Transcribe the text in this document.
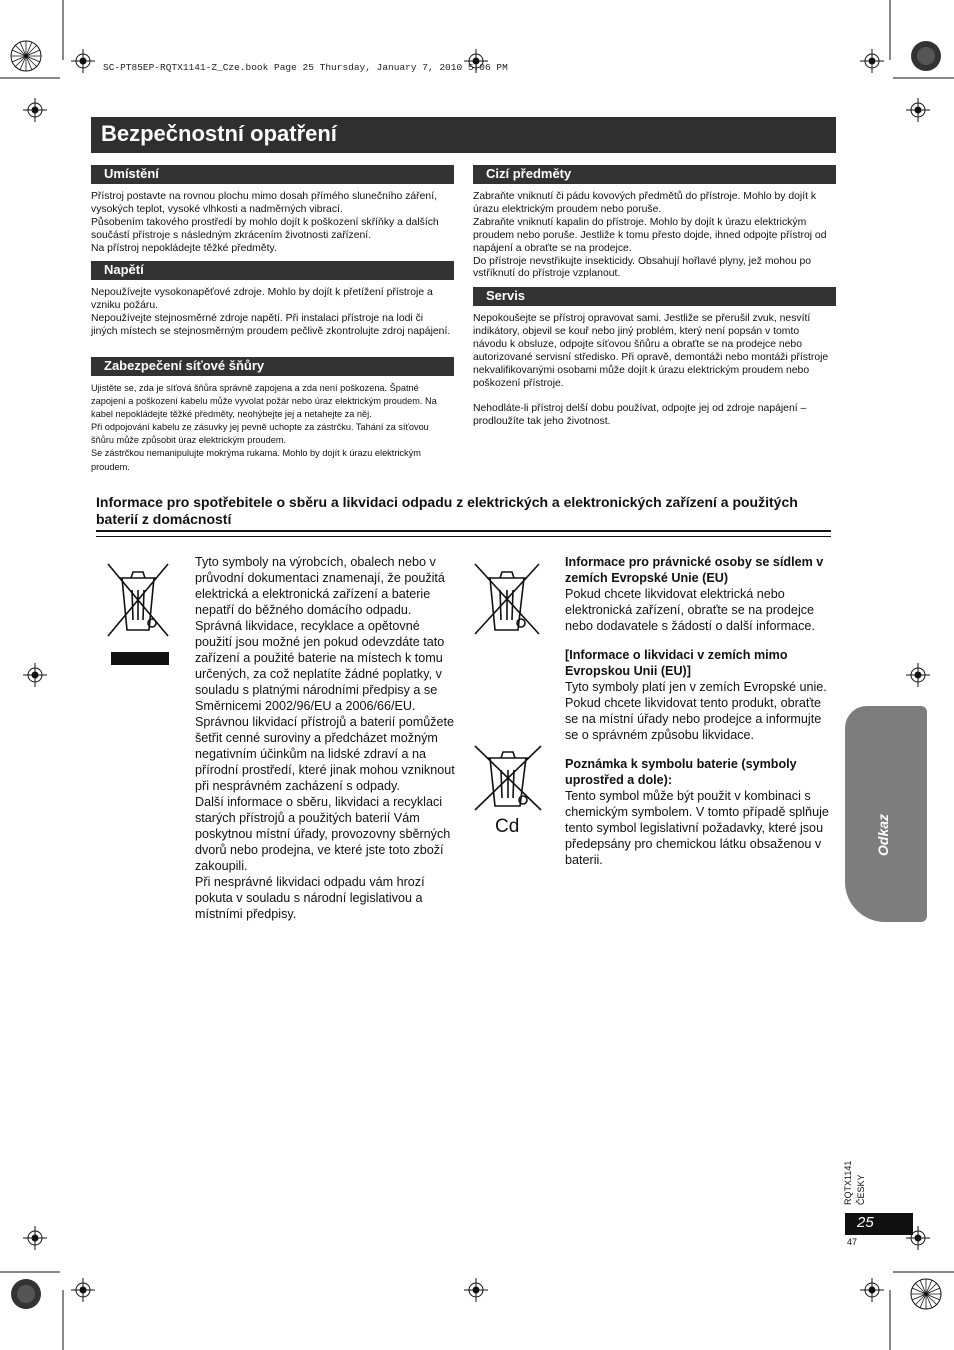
SC-PT85EP-RQTX1141-Z_Cze.book Page 25 Thursday, January 7, 2010 5:06 PM
Bezpečnostní opatření
Umístění

Přístroj postavte na rovnou plochu mimo dosah přímého slunečního záření, vysokých teplot, vysoké vlhkosti a nadměrných vibrací.

Působením takového prostředí by mohlo dojít k poškození skříňky a dalších součástí přístroje s následným zkrácením životnosti zařízení.

Na přístroj nepokládejte těžké předměty.

Napětí

Nepoužívejte vysokonapěťové zdroje. Mohlo by dojít k přetížení přístroje a vzniku požáru.

Nepoužívejte stejnosměrné zdroje napětí. Při instalaci přístroje na lodi či jiných místech se stejnosměrným proudem pečlivě zkontrolujte zdroj napájení.

Zabezpečení síťové šňůry

Ujistěte se, zda je síťová šňůra správně zapojena a zda není poškozena. Špatné zapojení a poškození kabelu může vyvolat požár nebo úraz elektrickým proudem. Na kabel nepokládejte těžké předměty, neohýbejte jej a netahejte za něj.

Při odpojování kabelu ze zásuvky jej pevně uchopte za zástrčku. Tahání za síťovou šňůru může způsobit úraz elektrickým proudem.

Se zástrčkou nemanipulujte mokrýma rukama. Mohlo by dojít k úrazu elektrickým proudem.

Cizí předměty

Zabraňte vniknutí či pádu kovových předmětů do přístroje. Mohlo by dojít k úrazu elektrickým proudem nebo poruše.

Zabraňte vniknutí kapalin do přístroje. Mohlo by dojít k úrazu elektrickým proudem nebo poruše. Jestliže k tomu přesto dojde, ihned odpojte přístroj od napájení a obraťte se na prodejce.

Do přístroje nevstřikujte insekticidy. Obsahují hořlavé plyny, jež mohou po vstříknutí do přístroje vzplanout.

Servis

Nepokoušejte se přístroj opravovat sami. Jestliže se přerušil zvuk, nesvítí indikátory, objevil se kouř nebo jiný problém, který není popsán v tomto návodu k obsluze, odpojte síťovou šňůru a obraťte se na prodejce nebo autorizované servisní středisko. Při opravě, demontáži nebo montáži přístroje nekvalifikovanými osobami může dojít k úrazu elektrickým proudem nebo poškození přístroje.

Nehodláte-li přístroj delší dobu používat, odpojte jej od zdroje napájení – prodloužíte tak jeho životnost.

Informace pro spotřebitele o sběru a likvidaci odpadu z elektrických a elektronických zařízení a použitých baterií z domácností

Tyto symboly na výrobcích, obalech nebo v průvodní dokumentaci znamenají, že použitá elektrická a elektronická zařízení a baterie nepatří do běžného domácího odpadu.

Správná likvidace, recyklace a opětovné použití jsou možné jen pokud odevzdáte tato zařízení a použité baterie na místech k tomu určených, za což neplatíte žádné poplatky, v souladu s platnými národními předpisy a se Směrnicemi 2002/96/EU a 2006/66/EU.

Správnou likvidací přístrojů a baterií pomůžete šetřit cenné suroviny a předcházet možným negativním účinkům na lidské zdraví a na přírodní prostředí, které jinak mohou vzniknout při nesprávném zacházení s odpady.

Další informace o sběru, likvidaci a recyklaci starých přístrojů a použitých baterií Vám poskytnou místní úřady, provozovny sběrných dvorů nebo prodejna, ve které jste toto zboží zakoupili.

Při nesprávné likvidaci odpadu vám hrozí pokuta v souladu s národní legislativou a místními předpisy.

Cd

Informace pro právnické osoby se sídlem v zemích Evropské Unie (EU)

Pokud chcete likvidovat elektrická nebo elektronická zařízení, obraťte se na prodejce nebo dodavatele s žádostí o další informace.

[Informace o likvidaci v zemích mimo Evropskou Unii (EU)]

Tyto symboly platí jen v zemích Evropské unie. Pokud chcete likvidovat tento produkt, obraťte se na místní úřady nebo prodejce a informujte se o správném způsobu likvidace.

Poznámka k symbolu baterie (symboly uprostřed a dole):

Tento symbol může být použit v kombinaci s chemickým symbolem. V tomto případě splňuje tento symbol legislativní požadavky, které jsou předepsány pro chemickou látku obsaženou v baterii.

Odkaz
RQTX1141 ČESKY
25
47
